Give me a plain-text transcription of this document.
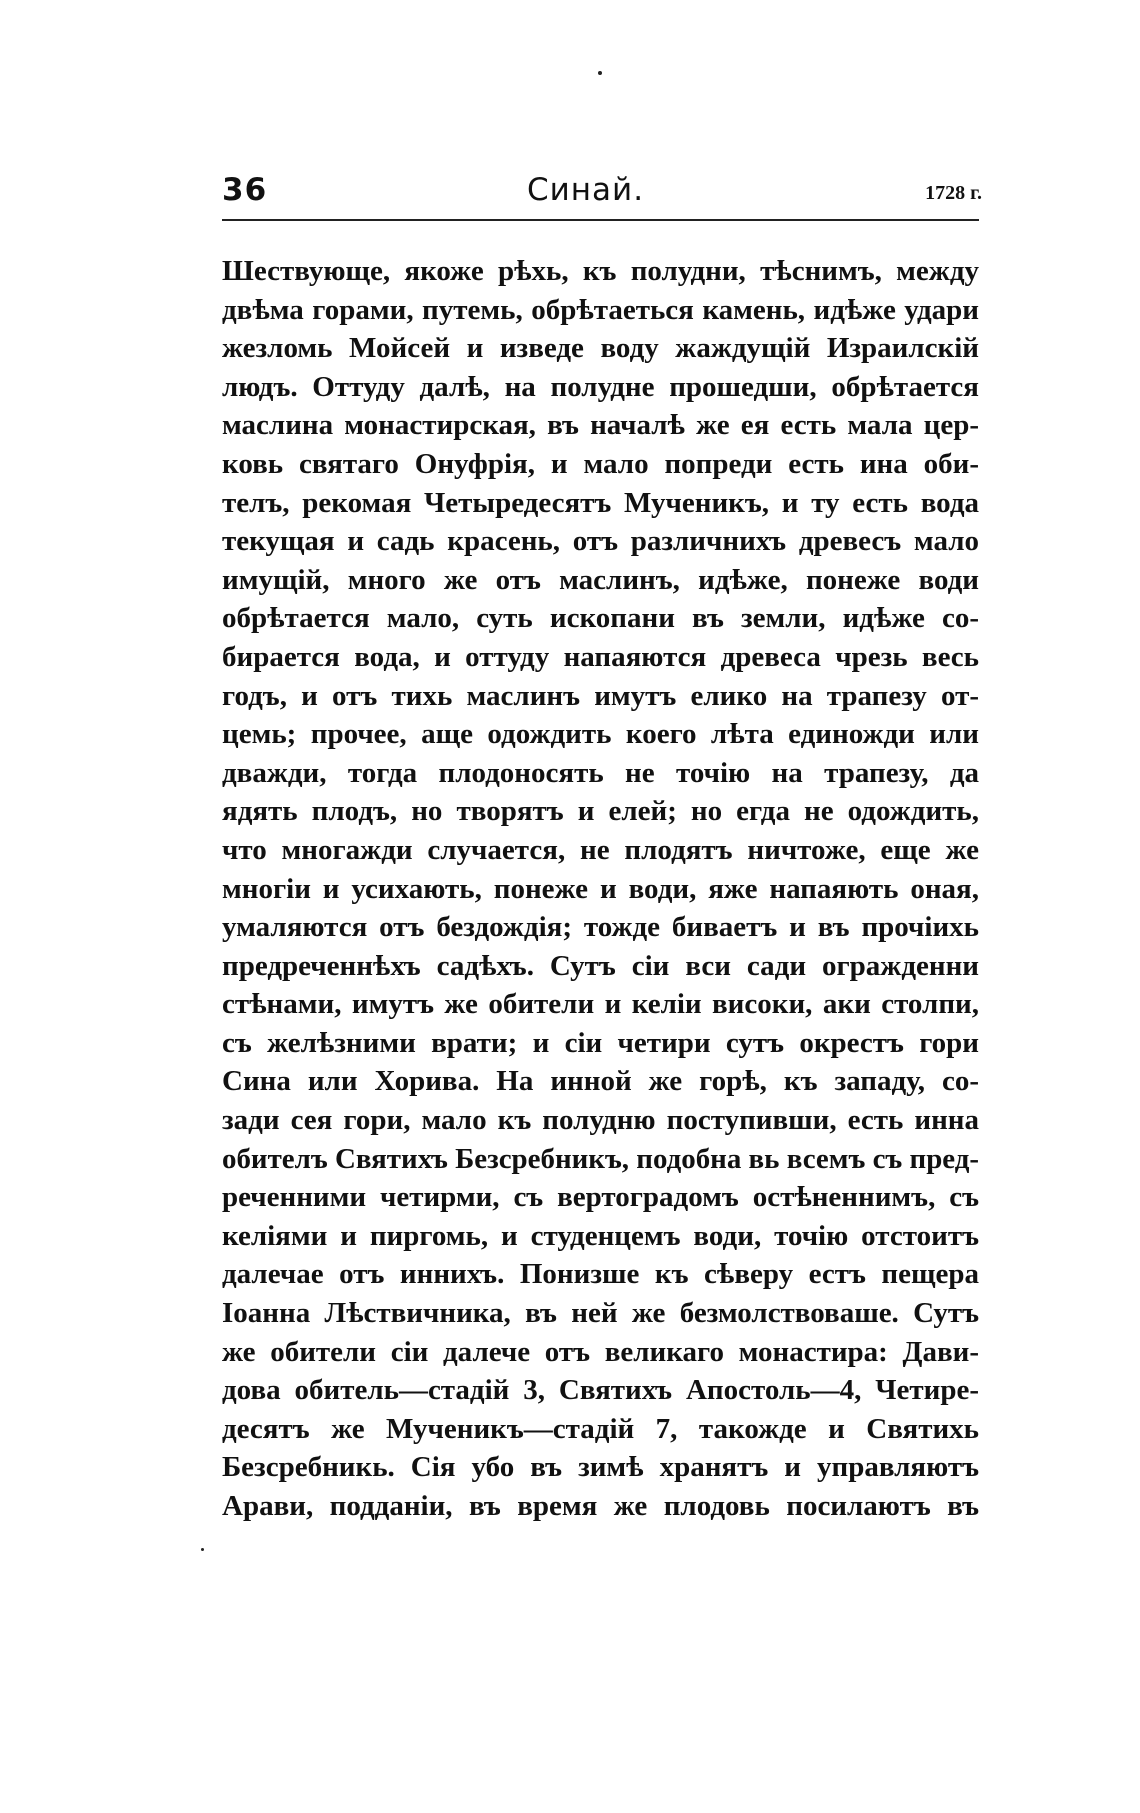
36	Синай.	1728 г.
Шествующе, якоже рѣхь, къ полудни, тѣснимъ, между
двѣма горами, путемь, обрѣтаеться камень, идѣже удари
жезломь Мойсей и изведе воду жаждущій Израилскій
людъ. Оттуду далѣ, на полудне прошедши, обрѣтается
маслина монастирская, въ началѣ же ея есть мала цер-
ковь святаго Онуфрія, и мало попреди есть ина оби-
телъ, рекомая Четыредесятъ Мученикъ, и ту есть вода
текущая и садь красень, отъ различнихъ древесъ мало
имущій, много же отъ маслинъ, идѣже, понеже води
обрѣтается мало, суть ископани въ земли, идѣже со-
бирается вода, и оттуду напаяются древеса чрезь весь
годъ, и отъ тихь маслинъ имутъ елико на трапезу от-
цемь; прочее, аще одождить коего лѣта единожди или
дважди, тогда плодоносять не точію на трапезу, да
ядять плодъ, но творятъ и елей; но егда не одождить,
что многажди случается, не плодятъ ничтоже, еще же
многіи и усихають, понеже и води, яже напаяють оная,
умаляются отъ бездождія; тожде биваетъ и въ прочіихь
предреченнѣхъ садѣхъ. Сутъ сіи вси сади огражденни
стѣнами, имутъ же обители и келіи високи, аки столпи,
съ желѣзними врати; и сіи четири сутъ окрестъ гори
Сина или Хорива. На инной же горѣ, къ западу, со-
зади сея гори, мало къ полудню поступивши, есть инна
обителъ Святихъ Безсребникъ, подобна вь всемъ съ пред-
реченними четирми, съ вертоградомъ остѣненнимъ, съ
келіями и пиргомь, и студенцемъ води, точію отстоитъ
далечае отъ иннихъ. Понизше къ сѣверу естъ пещера
Іоанна Лѣствичника, въ ней же безмолствоваше. Сутъ
же обители сіи далече отъ великаго монастира: Дави-
дова обитель—стадій 3, Святихъ Апостоль—4, Четире-
десятъ же Мученикъ—стадій 7, такожде и Святихь
Безсребникь. Сія убо въ зимѣ хранятъ и управляютъ
Арави, подданіи, въ время же плодовь посилаютъ въ
